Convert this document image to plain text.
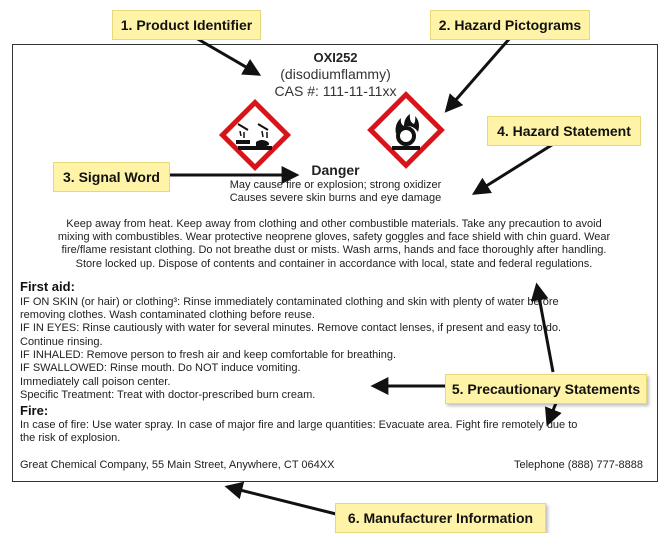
OXI252
(disodiumflammy)
CAS #: 111-11-11xx
Danger
May cause fire or explosion; strong oxidizer
Causes severe skin burns and eye damage
Keep away from heat. Keep away from clothing and other combustible materials. Take any precaution to avoid
mixing with combustibles. Wear protective neoprene gloves, safety goggles and face shield with chin guard. Wear
fire/flame resistant clothing. Do not breathe dust or mists. Wash arms, hands and face thoroughly after handling.
Store locked up. Dispose of contents and container in accordance with local, state and federal regulations.
First aid:
IF ON SKIN (or hair) or clothing³: Rinse immediately contaminated clothing and skin with plenty of water before
removing clothes. Wash contaminated clothing before reuse.
IF IN EYES: Rinse cautiously with water for several minutes. Remove contact lenses, if present and easy to do.
Continue rinsing.
IF INHALED: Remove person to fresh air and keep comfortable for breathing.
IF SWALLOWED: Rinse mouth. Do NOT induce vomiting.
Immediately call poison center.
Specific Treatment: Treat with doctor-prescribed burn cream.
Fire:
In case of fire: Use water spray. In case of major fire and large quantities: Evacuate area. Fight fire remotely due to
the risk of explosion.
Great Chemical Company, 55 Main Street, Anywhere, CT 064XX	Telephone (888) 777-8888
1. Product Identifier	2. Hazard Pictograms
3. Signal Word
4. Hazard Statement
5. Precautionary Statements
6. Manufacturer Information
